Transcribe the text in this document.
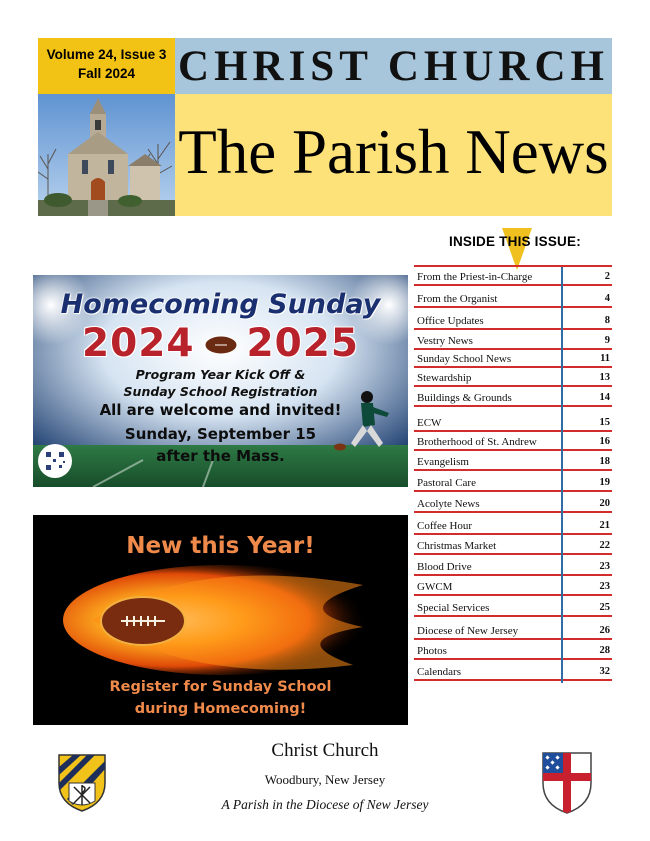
Volume 24, Issue 3
Fall 2024	CHRIST CHURCH
The Parish News
INSIDE THIS ISSUE:
From the Priest-in-Charge	2
From the Organist	4
Office Updates	8
Vestry News	9
Sunday School News	11
Stewardship	13
Buildings & Grounds	14
ECW	15
Brotherhood of St. Andrew	16
Evangelism	18
Pastoral Care	19
Acolyte News	20
Coffee Hour	21
Christmas Market	22
Blood Drive	23
GWCM	23
Special Services	25
Diocese of New Jersey	26
Photos	28
Calendars	32
Homecoming Sunday
2024 2025
Program Year Kick Off &
Sunday School Registration
All are welcome and invited!
Sunday, September 15
after the Mass.
New this Year!
Register for Sunday School
during Homecoming!
Christ Church
Woodbury, New Jersey
A Parish in the Diocese of New Jersey
